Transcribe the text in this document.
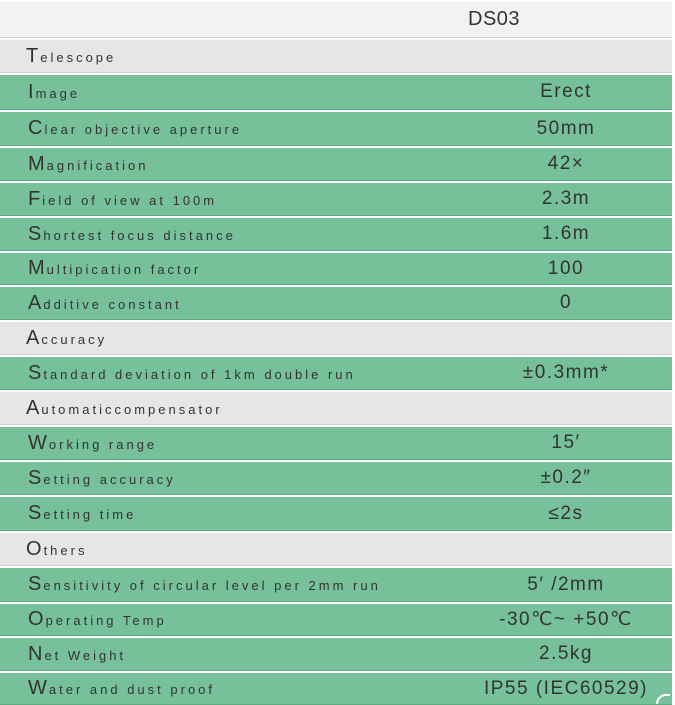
DS03
Telescope
Image	Erect
Clear objective aperture	50mm
Magnification	42×
Field of view at 100m	2.3m
Shortest focus distance	1.6m
Multipication factor	100
Additive constant	0
Accuracy
Standard deviation of 1km double run	±0.3mm*
Automaticcompensator
Working range	15′
Setting accuracy	±0.2″
Setting time	≤2s
Others
Sensitivity of circular level per 2mm run	5′ /2mm
Operating Temp	-30℃~ +50℃
Net Weight	2.5kg
Water and dust proof	IP55 (IEC60529)
